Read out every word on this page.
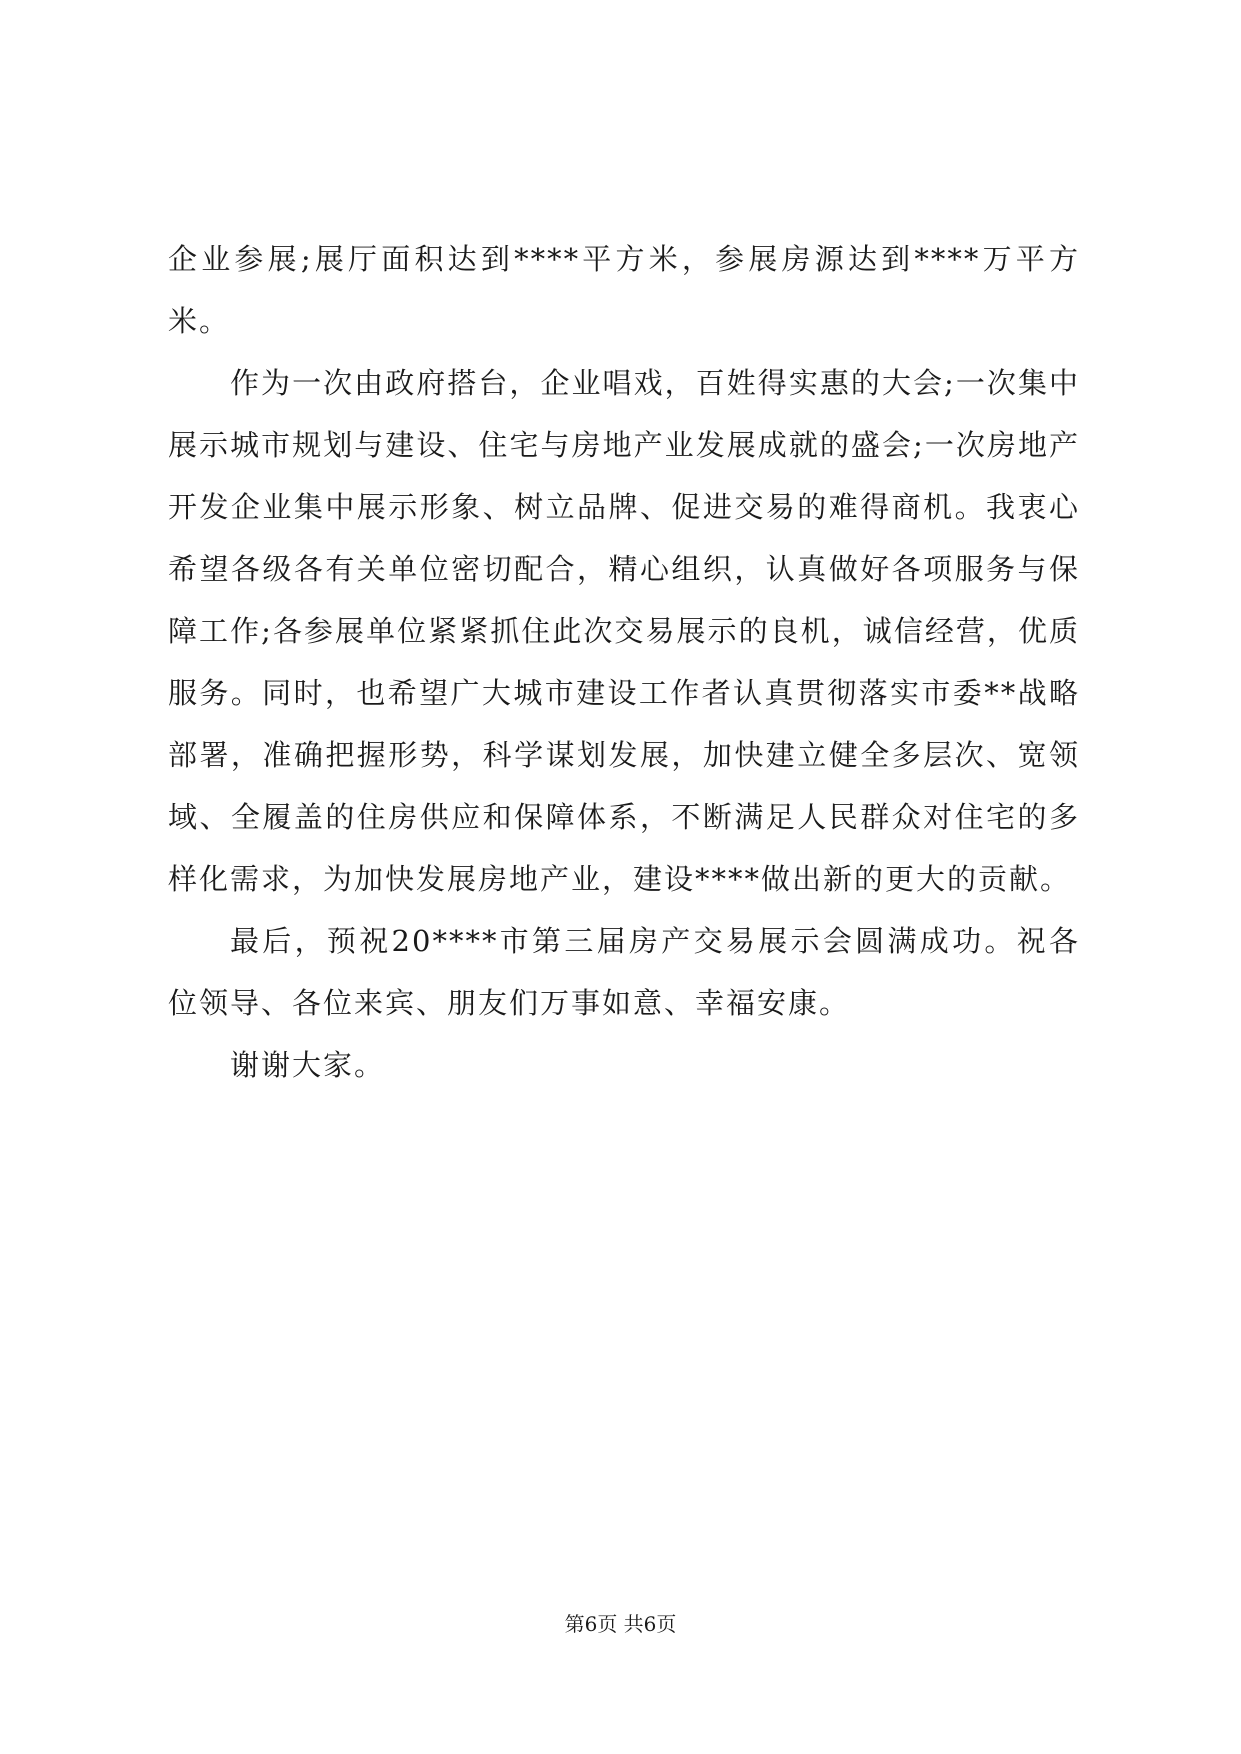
企业参展;展厅面积达到****平方米，参展房源达到****万平方米。

作为一次由政府搭台，企业唱戏，百姓得实惠的大会;一次集中展示城市规划与建设、住宅与房地产业发展成就的盛会;一次房地产开发企业集中展示形象、树立品牌、促进交易的难得商机。我衷心希望各级各有关单位密切配合，精心组织，认真做好各项服务与保障工作;各参展单位紧紧抓住此次交易展示的良机，诚信经营，优质服务。同时，也希望广大城市建设工作者认真贯彻落实市委**战略部署，准确把握形势，科学谋划发展，加快建立健全多层次、宽领域、全履盖的住房供应和保障体系，不断满足人民群众对住宅的多样化需求，为加快发展房地产业，建设****做出新的更大的贡献。

最后，预祝20****市第三届房产交易展示会圆满成功。祝各位领导、各位来宾、朋友们万事如意、幸福安康。

谢谢大家。

第6页 共6页
